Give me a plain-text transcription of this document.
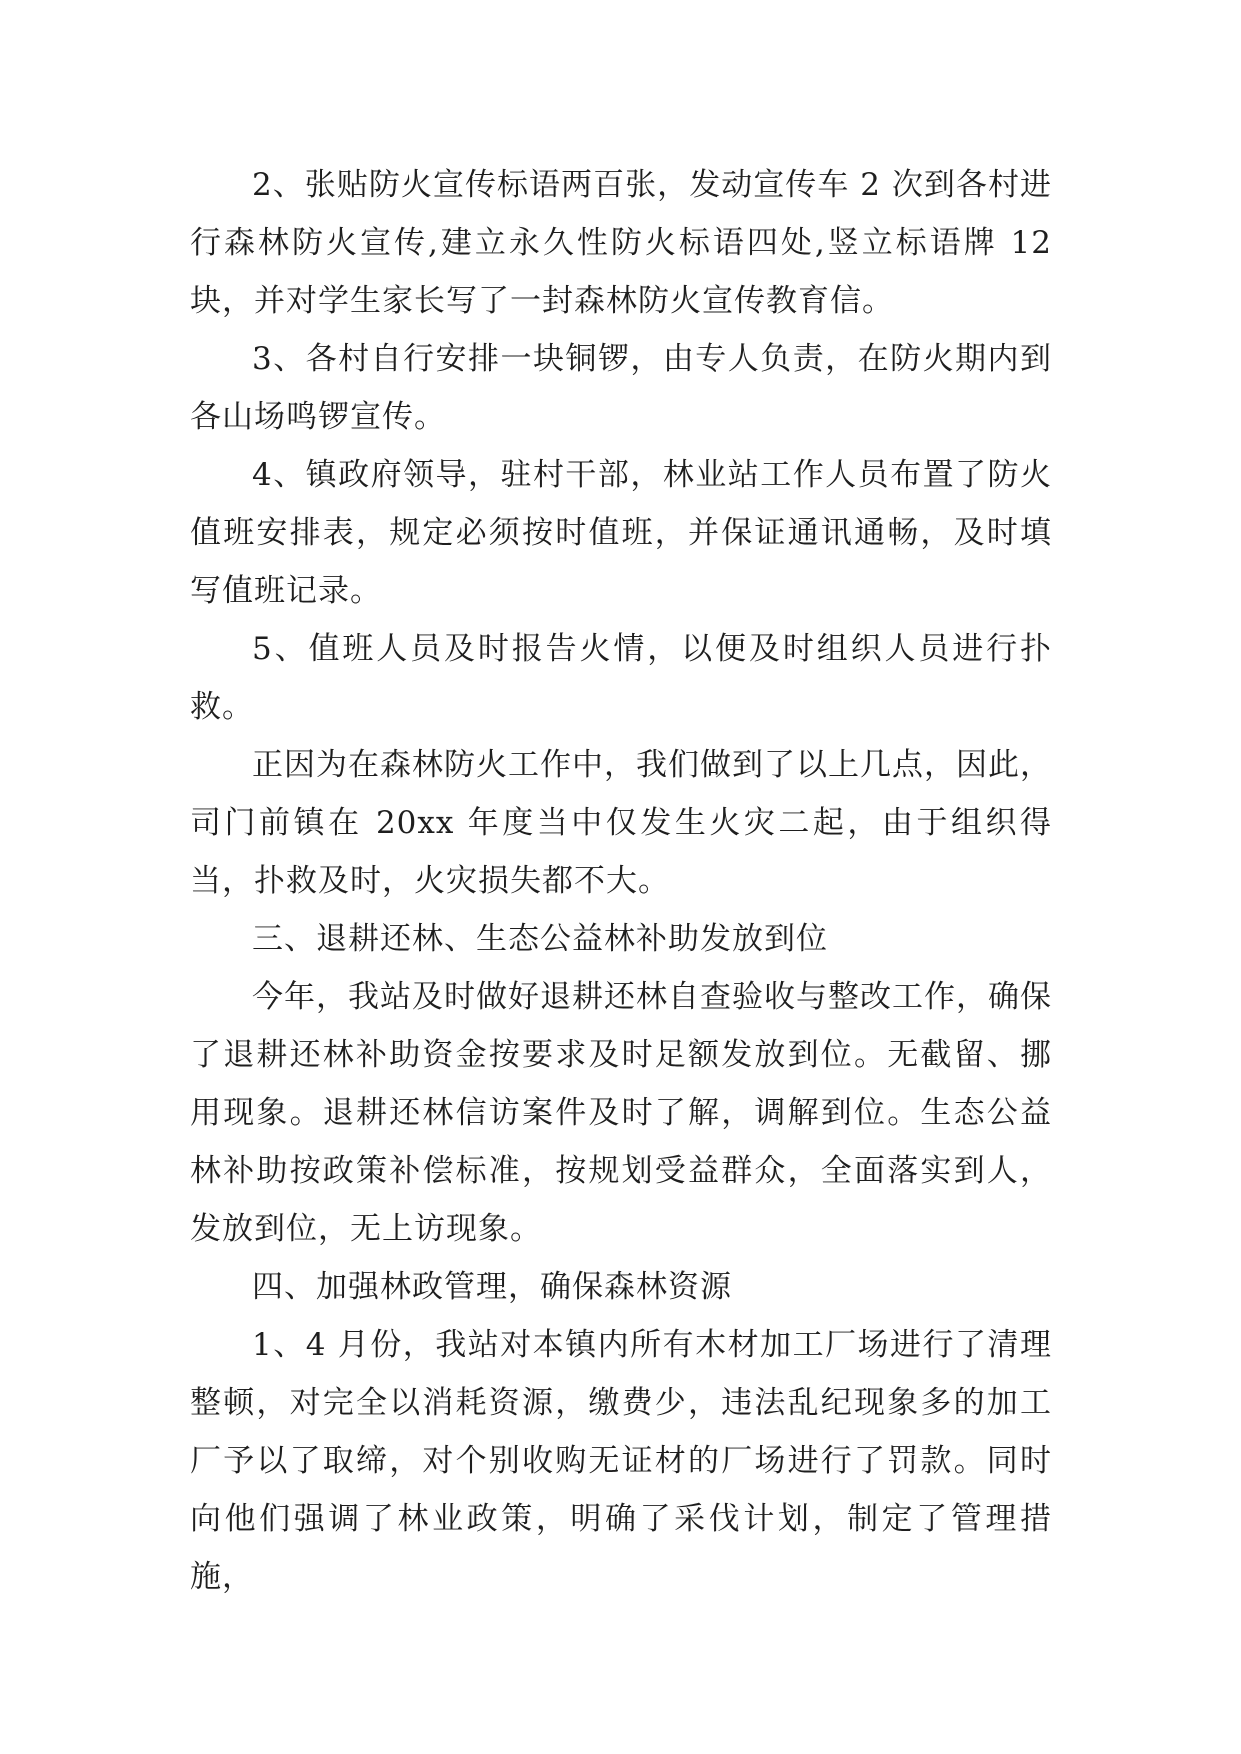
2、张贴防火宣传标语两百张，发动宣传车 2 次到各村进行森林防火宣传,建立永久性防火标语四处,竖立标语牌 12 块，并对学生家长写了一封森林防火宣传教育信。

3、各村自行安排一块铜锣，由专人负责，在防火期内到各山场鸣锣宣传。

4、镇政府领导，驻村干部，林业站工作人员布置了防火值班安排表，规定必须按时值班，并保证通讯通畅，及时填写值班记录。

5、值班人员及时报告火情，以便及时组织人员进行扑救。

正因为在森林防火工作中，我们做到了以上几点，因此，司门前镇在 20xx 年度当中仅发生火灾二起，由于组织得当，扑救及时，火灾损失都不大。

三、退耕还林、生态公益林补助发放到位

今年，我站及时做好退耕还林自查验收与整改工作，确保了退耕还林补助资金按要求及时足额发放到位。无截留、挪用现象。退耕还林信访案件及时了解，调解到位。生态公益林补助按政策补偿标准，按规划受益群众，全面落实到人，发放到位，无上访现象。

四、加强林政管理，确保森林资源

1、4 月份，我站对本镇内所有木材加工厂场进行了清理整顿，对完全以消耗资源，缴费少，违法乱纪现象多的加工厂予以了取缔，对个别收购无证材的厂场进行了罚款。同时向他们强调了林业政策，明确了采伐计划，制定了管理措施，
